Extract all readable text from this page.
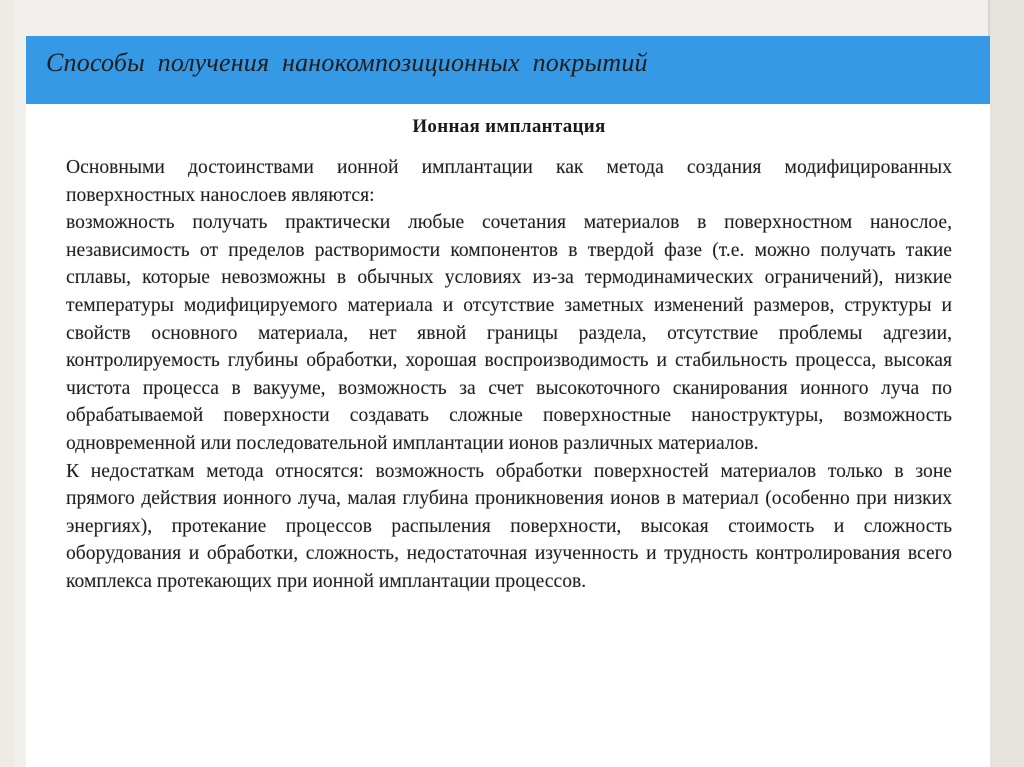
Способы получения нанокомпозиционных покрытий
Ионная имплантация
Основными достоинствами ионной имплантации как метода создания модифицированных поверхностных нанослоев являются:
возможность получать практически любые сочетания материалов в поверхностном нанослое, независимость от пределов растворимости компонентов в твердой фазе (т.е. можно получать такие сплавы, которые невозможны в обычных условиях из-за термодинамических ограничений), низкие температуры модифицируемого материала и отсутствие заметных изменений размеров, структуры и свойств основного материала, нет явной границы раздела, отсутствие проблемы адгезии, контролируемость глубины обработки, хорошая воспроизводимость и стабильность процесса, высокая чистота процесса в вакууме, возможность за счет высокоточного сканирования ионного луча по обрабатываемой поверхности создавать сложные поверхностные наноструктуры, возможность одновременной или последовательной имплантации ионов различных материалов.
К недостаткам метода относятся: возможность обработки поверхностей материалов только в зоне прямого действия ионного луча, малая глубина проникновения ионов в материал (особенно при низких энергиях), протекание процессов распыления поверхности, высокая стоимость и сложность оборудования и обработки, сложность, недостаточная изученность и трудность контролирования всего комплекса протекающих при ионной имплантации процессов.
